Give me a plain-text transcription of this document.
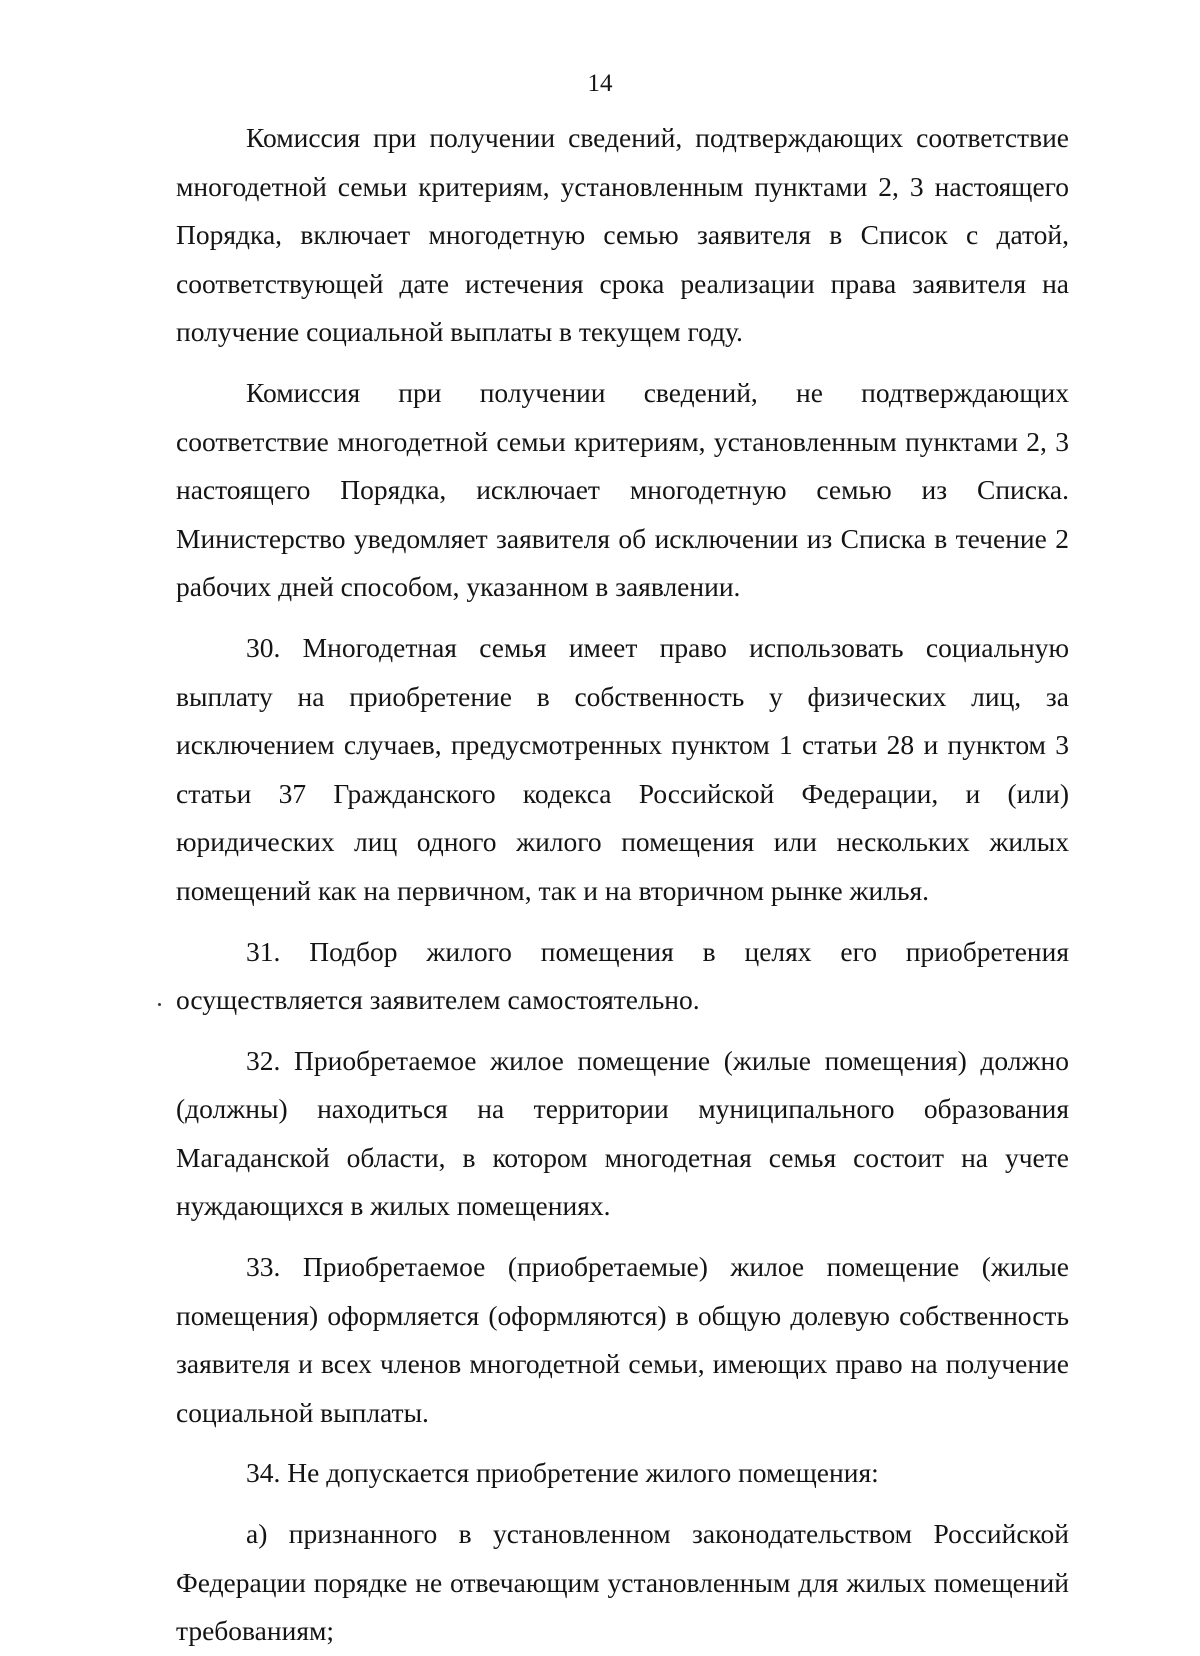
14

Комиссия при получении сведений, подтверждающих соответствие многодетной семьи критериям, установленным пунктами 2, 3 настоящего Порядка, включает многодетную семью заявителя в Список с датой, соответствующей дате истечения срока реализации права заявителя на получение социальной выплаты в текущем году.

Комиссия при получении сведений, не подтверждающих соответствие многодетной семьи критериям, установленным пунктами 2, 3 настоящего Порядка, исключает многодетную семью из Списка. Министерство уведомляет заявителя об исключении из Списка в течение 2 рабочих дней способом, указанном в заявлении.

30. Многодетная семья имеет право использовать социальную выплату на приобретение в собственность у физических лиц, за исключением случаев, предусмотренных пунктом 1 статьи 28 и пунктом 3 статьи 37 Гражданского кодекса Российской Федерации, и (или) юридических лиц одного жилого помещения или нескольких жилых помещений как на первичном, так и на вторичном рынке жилья.

31. Подбор жилого помещения в целях его приобретения осуществляется заявителем самостоятельно.

32. Приобретаемое жилое помещение (жилые помещения) должно (должны) находиться на территории муниципального образования Магаданской области, в котором многодетная семья состоит на учете нуждающихся в жилых помещениях.

33. Приобретаемое (приобретаемые) жилое помещение (жилые помещения) оформляется (оформляются) в общую долевую собственность заявителя и всех членов многодетной семьи, имеющих право на получение социальной выплаты.

34. Не допускается приобретение жилого помещения:

а) признанного в установленном законодательством Российской Федерации порядке не отвечающим установленным для жилых помещений требованиям;
